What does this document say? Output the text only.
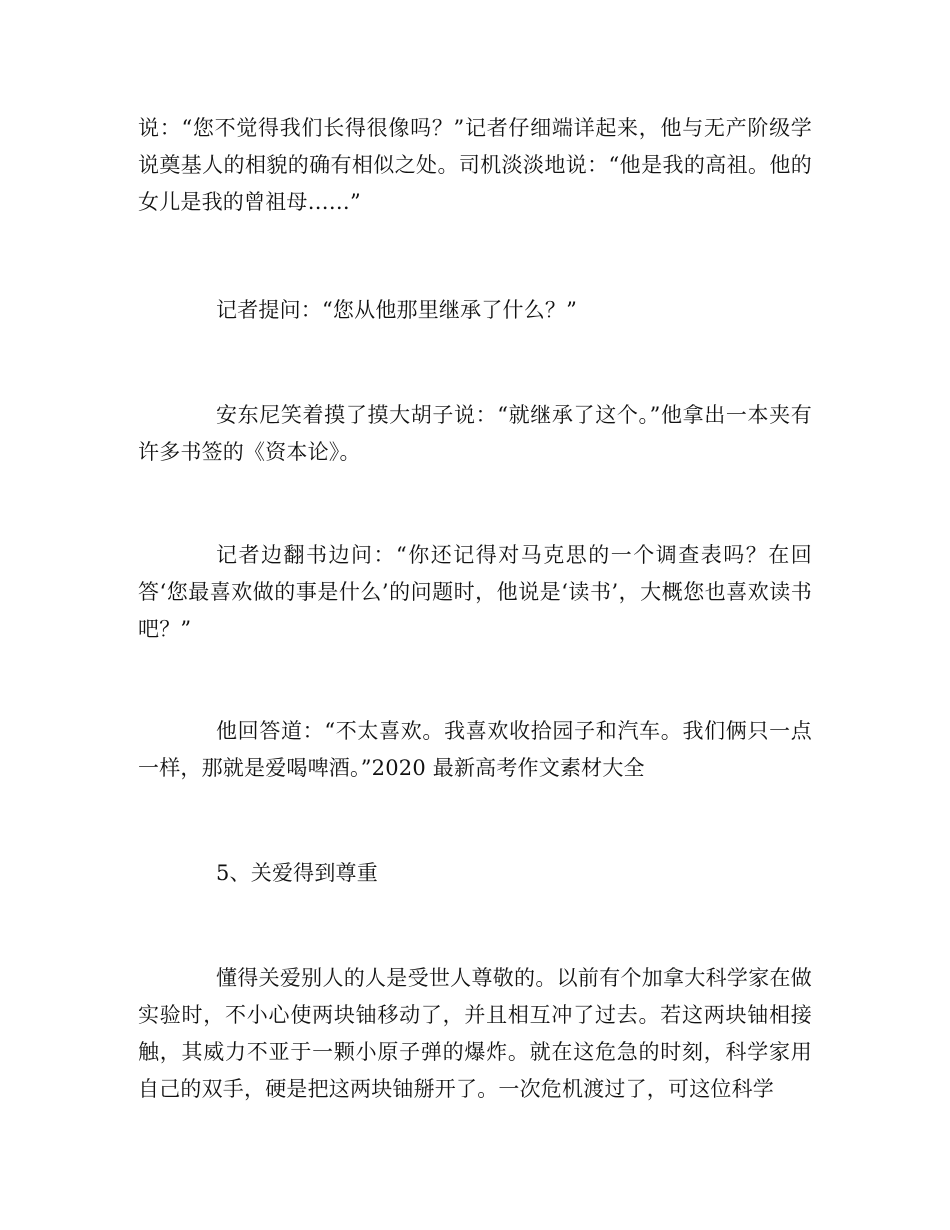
说：“您不觉得我们长得很像吗？”记者仔细端详起来，他与无产阶级学说奠基人的相貌的确有相似之处。司机淡淡地说：“他是我的高祖。他的女儿是我的曾祖母……”

记者提问：“您从他那里继承了什么？”

安东尼笑着摸了摸大胡子说：“就继承了这个。”他拿出一本夹有许多书签的《资本论》。

记者边翻书边问：“你还记得对马克思的一个调查表吗？在回答‘您最喜欢做的事是什么’的问题时，他说是‘读书’，大概您也喜欢读书吧？”

他回答道：“不太喜欢。我喜欢收拾园子和汽车。我们俩只一点一样，那就是爱喝啤酒。”2020 最新高考作文素材大全

5、关爱得到尊重

懂得关爱别人的人是受世人尊敬的。以前有个加拿大科学家在做实验时，不小心使两块铀移动了，并且相互冲了过去。若这两块铀相接触，其威力不亚于一颗小原子弹的爆炸。就在这危急的时刻，科学家用自己的双手，硬是把这两块铀掰开了。一次危机渡过了，可这位科学
